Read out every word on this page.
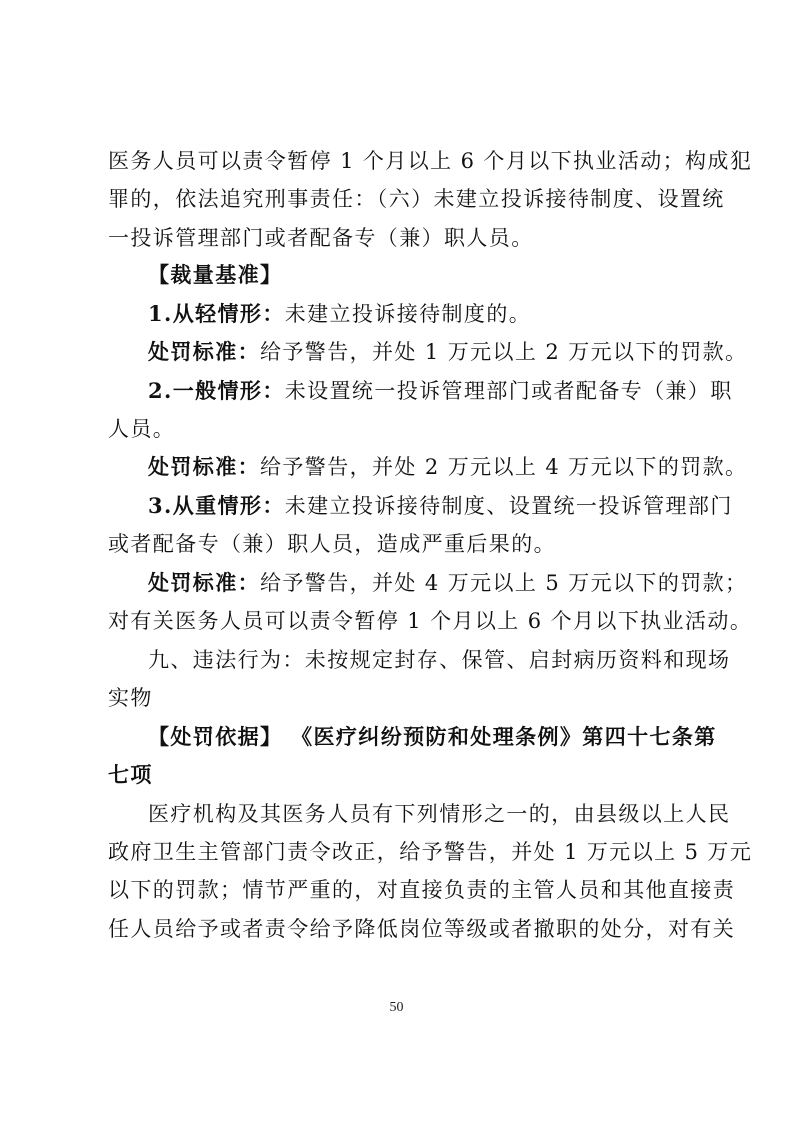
医务人员可以责令暂停 1 个月以上 6 个月以下执业活动；构成犯
罪的，依法追究刑事责任：（六）未建立投诉接待制度、设置统
一投诉管理部门或者配备专（兼）职人员。
【裁量基准】
1.从轻情形：未建立投诉接待制度的。
处罚标准：给予警告，并处 1 万元以上 2 万元以下的罚款。
2.一般情形：未设置统一投诉管理部门或者配备专（兼）职
人员。
处罚标准：给予警告，并处 2 万元以上 4 万元以下的罚款。
3.从重情形：未建立投诉接待制度、设置统一投诉管理部门
或者配备专（兼）职人员，造成严重后果的。
处罚标准：给予警告，并处 4 万元以上 5 万元以下的罚款；
对有关医务人员可以责令暂停 1 个月以上 6 个月以下执业活动。
九、违法行为：未按规定封存、保管、启封病历资料和现场
实物
【处罚依据】 《医疗纠纷预防和处理条例》第四十七条第
七项
医疗机构及其医务人员有下列情形之一的，由县级以上人民
政府卫生主管部门责令改正，给予警告，并处 1 万元以上 5 万元
以下的罚款；情节严重的，对直接负责的主管人员和其他直接责
任人员给予或者责令给予降低岗位等级或者撤职的处分，对有关
50
